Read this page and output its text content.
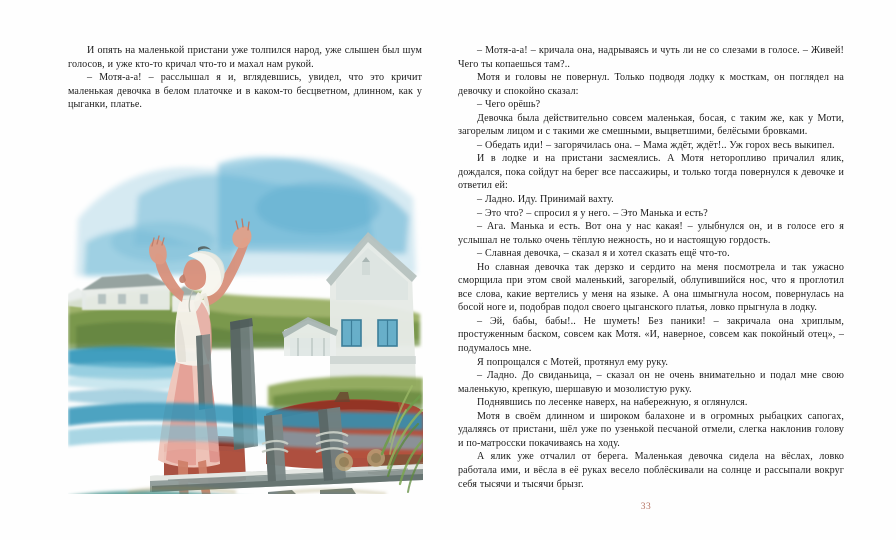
И опять на маленькой пристани уже толпился народ, уже слышен был шум голосов, и уже кто-то кричал что-то и махал нам рукой.

– Мотя-а-а! – расслышал я и, вглядевшись, увидел, что это кричит маленькая девочка в белом платочке и в каком-то бесцветном, длинном, как у цыганки, платье.

– Мотя-а-а! – кричала она, надрываясь и чуть ли не со слезами в голосе. – Живей! Чего ты копаешься там?..

Мотя и головы не повернул. Только подводя лодку к мосткам, он поглядел на девочку и спокойно сказал:

– Чего орёшь?

Девочка была действительно совсем маленькая, босая, с таким же, как у Моти, загорелым лицом и с такими же смешными, выцветшими, белёсыми бровками.

– Обедать иди! – загорячилась она. – Мама ждёт, ждёт!.. Уж горох весь выкипел.

И в лодке и на пристани засмеялись. А Мотя неторопливо причалил ялик, дождался, пока сойдут на берег все пассажиры, и только тогда повернулся к девочке и ответил ей:

– Ладно. Иду. Принимай вахту.

– Это что? – спросил я у него. – Это Манька и есть?

– Ага. Манька и есть. Вот она у нас какая! – улыбнулся он, и в голосе его я услышал не только очень тёплую нежность, но и настоящую гордость.

– Славная девочка, – сказал я и хотел сказать ещё что-то.

Но славная девочка так дерзко и сердито на меня посмотрела и так ужасно сморщила при этом свой маленький, загорелый, облупившийся нос, что я проглотил все слова, какие вертелись у меня на языке. А она шмыгнула носом, повернулась на босой ноге и, подобрав подол своего цыганского платья, ловко прыгнула в лодку.

– Эй, бабы, бабы!.. Не шуметь! Без паники! – закричала она хриплым, простуженным баском, совсем как Мотя. «И, наверное, совсем как покойный отец», – подумалось мне.

Я попрощался с Мотей, протянул ему руку.

– Ладно. До свиданьица, – сказал он не очень внимательно и подал мне свою маленькую, крепкую, шершавую и мозолистую руку.

Поднявшись по лесенке наверх, на набережную, я оглянулся.

Мотя в своём длинном и широком балахоне и в огромных рыбацких сапогах, удаляясь от пристани, шёл уже по узенькой песчаной отмели, слегка наклонив голову и по-матросски покачиваясь на ходу.

А ялик уже отчалил от берега. Маленькая девочка сидела на вёслах, ловко работала ими, и вёсла в её руках весело поблёскивали на солнце и рассыпали вокруг себя тысячи и тысячи брызг.

33
